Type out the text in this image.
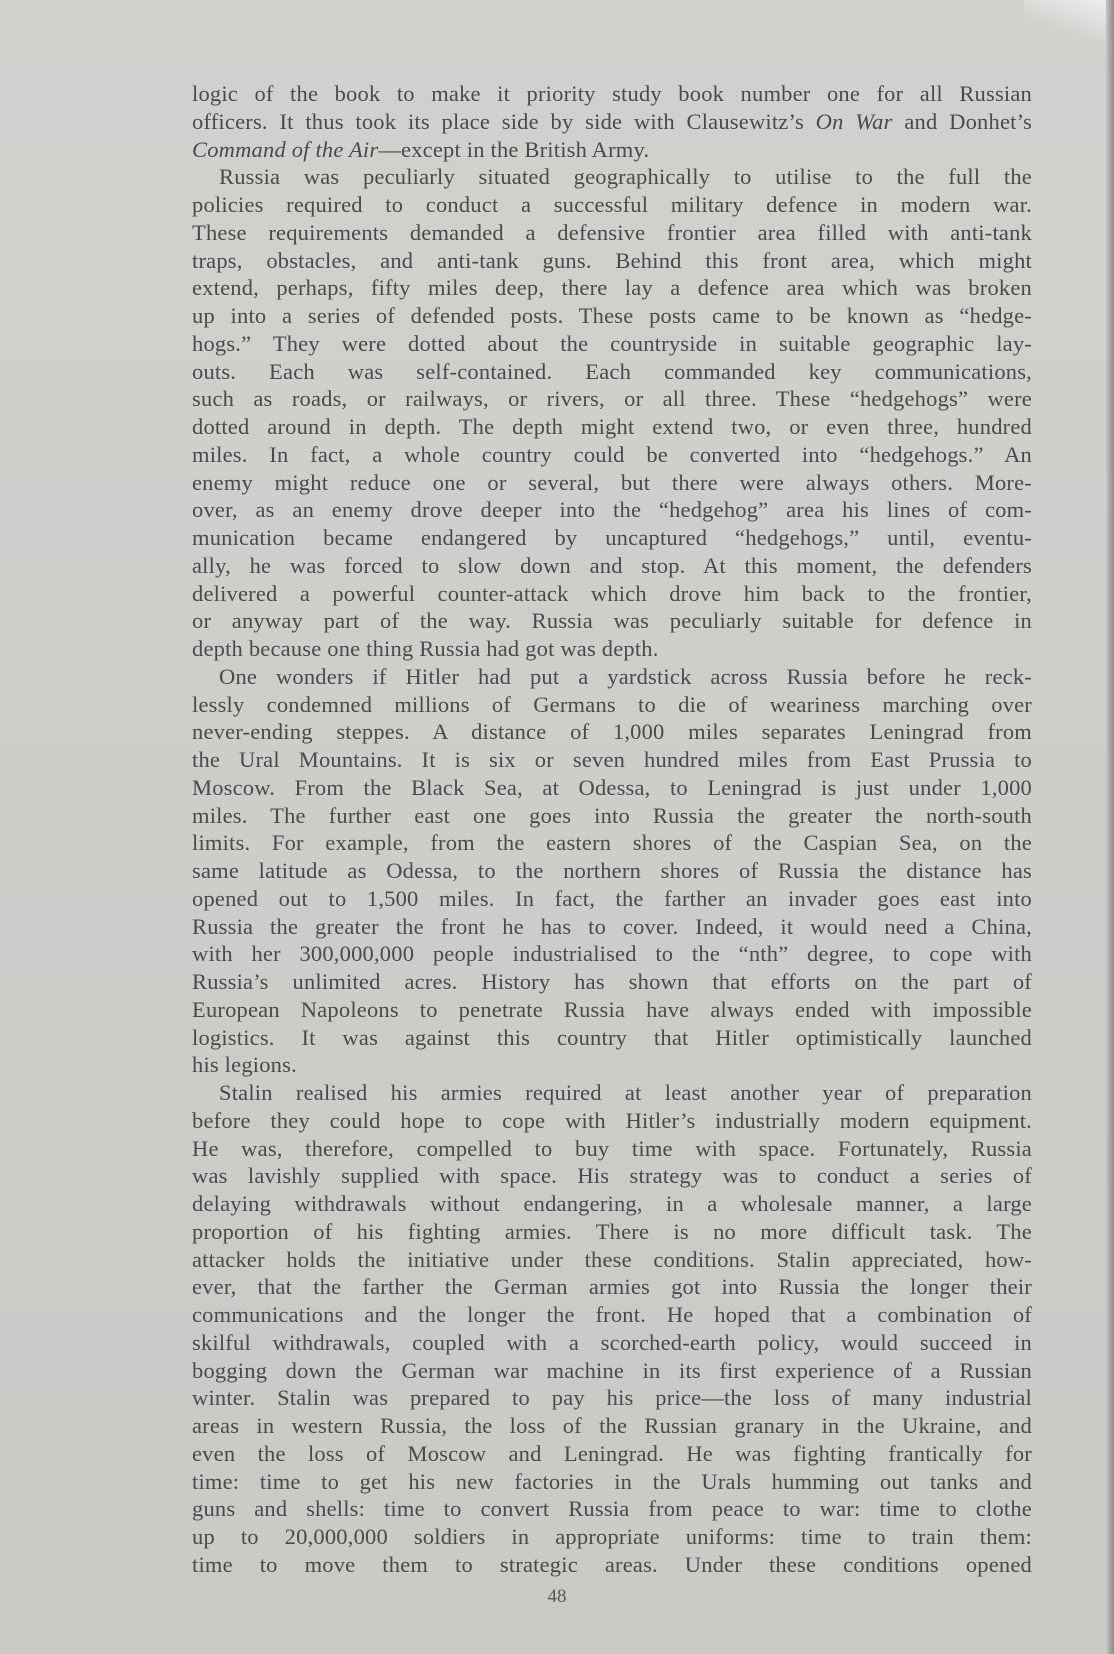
logic of the book to make it priority study book number one for all Russian
officers. It thus took its place side by side with Clausewitz’s On War and Donhet’s
Command of the Air—except in the British Army.
Russia was peculiarly situated geographically to utilise to the full the
policies required to conduct a successful military defence in modern war.
These requirements demanded a defensive frontier area filled with anti-tank
traps, obstacles, and anti-tank guns. Behind this front area, which might
extend, perhaps, fifty miles deep, there lay a defence area which was broken
up into a series of defended posts. These posts came to be known as “hedge-
hogs.” They were dotted about the countryside in suitable geographic lay-
outs. Each was self-contained. Each commanded key communications,
such as roads, or railways, or rivers, or all three. These “hedgehogs” were
dotted around in depth. The depth might extend two, or even three, hundred
miles. In fact, a whole country could be converted into “hedgehogs.” An
enemy might reduce one or several, but there were always others. More-
over, as an enemy drove deeper into the “hedgehog” area his lines of com-
munication became endangered by uncaptured “hedgehogs,” until, eventu-
ally, he was forced to slow down and stop. At this moment, the defenders
delivered a powerful counter-attack which drove him back to the frontier,
or anyway part of the way. Russia was peculiarly suitable for defence in
depth because one thing Russia had got was depth.
One wonders if Hitler had put a yardstick across Russia before he reck-
lessly condemned millions of Germans to die of weariness marching over
never-ending steppes. A distance of 1,000 miles separates Leningrad from
the Ural Mountains. It is six or seven hundred miles from East Prussia to
Moscow. From the Black Sea, at Odessa, to Leningrad is just under 1,000
miles. The further east one goes into Russia the greater the north-south
limits. For example, from the eastern shores of the Caspian Sea, on the
same latitude as Odessa, to the northern shores of Russia the distance has
opened out to 1,500 miles. In fact, the farther an invader goes east into
Russia the greater the front he has to cover. Indeed, it would need a China,
with her 300,000,000 people industrialised to the “nth” degree, to cope with
Russia’s unlimited acres. History has shown that efforts on the part of
European Napoleons to penetrate Russia have always ended with impossible
logistics. It was against this country that Hitler optimistically launched
his legions.
Stalin realised his armies required at least another year of preparation
before they could hope to cope with Hitler’s industrially modern equipment.
He was, therefore, compelled to buy time with space. Fortunately, Russia
was lavishly supplied with space. His strategy was to conduct a series of
delaying withdrawals without endangering, in a wholesale manner, a large
proportion of his fighting armies. There is no more difficult task. The
attacker holds the initiative under these conditions. Stalin appreciated, how-
ever, that the farther the German armies got into Russia the longer their
communications and the longer the front. He hoped that a combination of
skilful withdrawals, coupled with a scorched-earth policy, would succeed in
bogging down the German war machine in its first experience of a Russian
winter. Stalin was prepared to pay his price—the loss of many industrial
areas in western Russia, the loss of the Russian granary in the Ukraine, and
even the loss of Moscow and Leningrad. He was fighting frantically for
time: time to get his new factories in the Urals humming out tanks and
guns and shells: time to convert Russia from peace to war: time to clothe
up to 20,000,000 soldiers in appropriate uniforms: time to train them:
time to move them to strategic areas. Under these conditions opened
48
